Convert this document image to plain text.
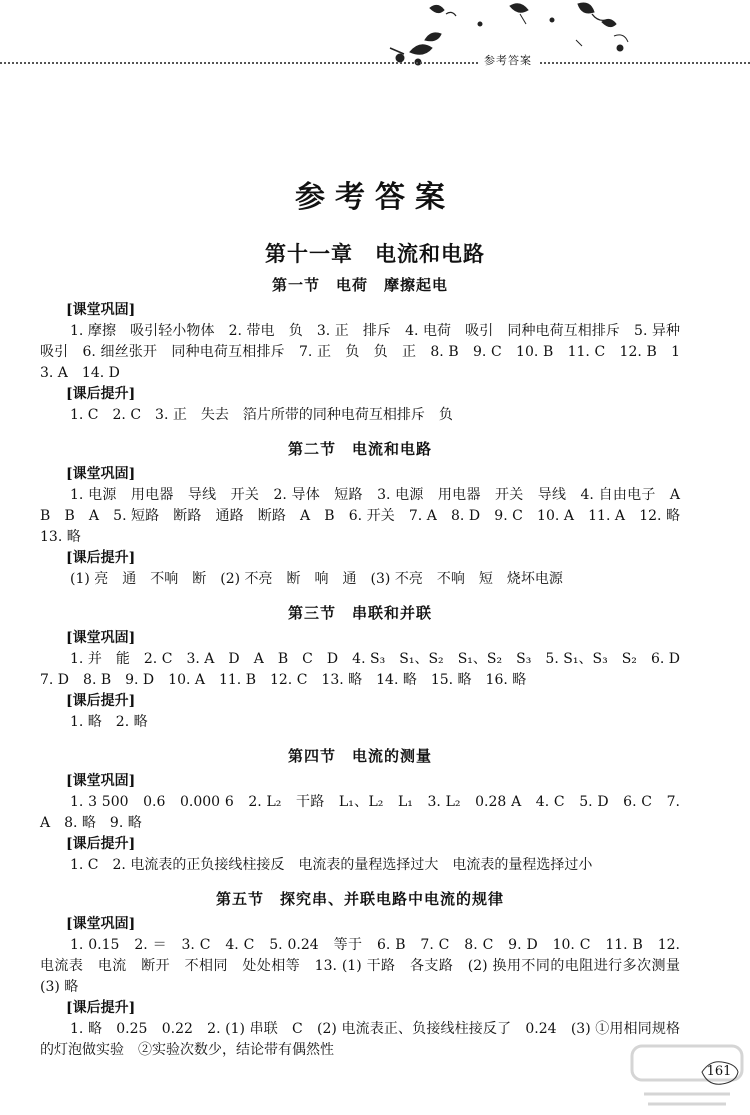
参考答案
参考答案
第十一章　电流和电路
第一节　电荷　摩擦起电
[课堂巩固]

1. 摩擦　吸引轻小物体　2. 带电　负　3. 正　排斥　4. 电荷　吸引　同种电荷互相排斥　5. 异种　吸引　6. 细丝张开　同种电荷互相排斥　7. 正　负　负　正　8. B　9. C　10. B　11. C　12. B　13. A　14. D

[课后提升]

1. C　2. C　3. 正　失去　箔片所带的同种电荷互相排斥　负

第二节　电流和电路
[课堂巩固]

1. 电源　用电器　导线　开关　2. 导体　短路　3. 电源　用电器　开关　导线　4. 自由电子　A　B　B　A　5. 短路　断路　通路　断路　A　B　6. 开关　7. A　8. D　9. C　10. A　11. A　12. 略　13. 略

[课后提升]

(1) 亮　通　不响　断　(2) 不亮　断　响　通　(3) 不亮　不响　短　烧坏电源

第三节　串联和并联
[课堂巩固]

1. 并　能　2. C　3. A　D　A　B　C　D　4. S₃　S₁、S₂　S₁、S₂　S₃　5. S₁、S₃　S₂　6. D　7. D　8. B　9. D　10. A　11. B　12. C　13. 略　14. 略　15. 略　16. 略

[课后提升]

1. 略　2. 略

第四节　电流的测量
[课堂巩固]

1. 3 500　0.6　0.000 6　2. L₂　干路　L₁、L₂　L₁　3. L₂　0.28 A　4. C　5. D　6. C　7. A　8. 略　9. 略

[课后提升]

1. C　2. 电流表的正负接线柱接反　电流表的量程选择过大　电流表的量程选择过小

第五节　探究串、并联电路中电流的规律
[课堂巩固]

1. 0.15　2. ＝　3. C　4. C　5. 0.24　等于　6. B　7. C　8. C　9. D　10. C　11. B　12. 电流表　电流　断开　不相同　处处相等　13. (1) 干路　各支路　(2) 换用不同的电阻进行多次测量　(3) 略

[课后提升]

1. 略　0.25　0.22　2. (1) 串联　C　(2) 电流表正、负接线柱接反了　0.24　(3) ①用相同规格的灯泡做实验　②实验次数少，结论带有偶然性

161
